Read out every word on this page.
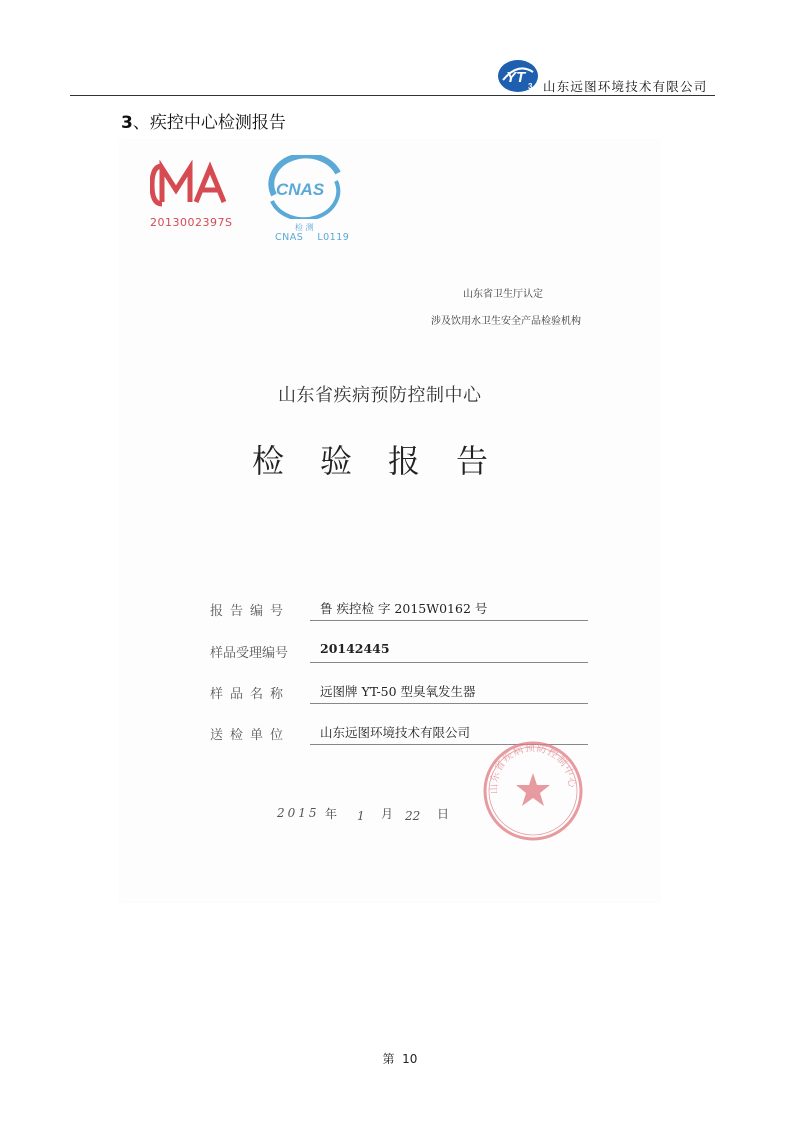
YT
3 山东远图环境技术有限公司
3、疾控中心检测报告
2013002397S
CNAS
检 测
CNAS    L0119
山东省卫生厅认定
涉及饮用水卫生安全产品检验机构
山东省疾病预防控制中心
检验报告
报告编号 鲁 疾控检 字 2015W0162 号
样品受理编号	20142445
样品名称 远图牌 YT-50 型臭氧发生器
送检单位 山东远图环境技术有限公司
2015 年 1 月 22 日
山东省疾病预防控制中心
第  10
